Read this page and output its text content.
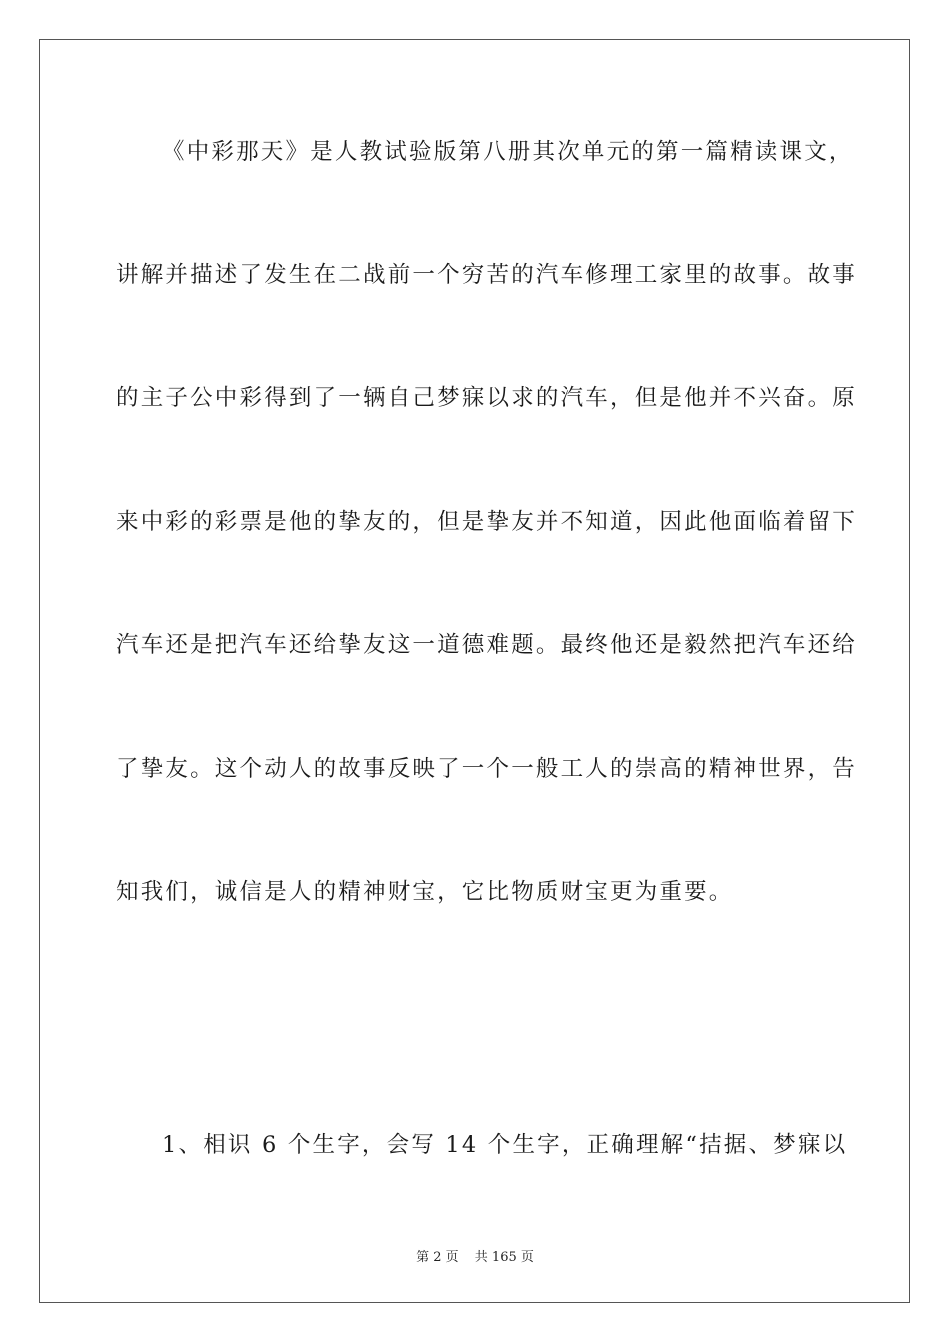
《中彩那天》是人教试验版第八册其次单元的第一篇精读课文，
讲解并描述了发生在二战前一个穷苦的汽车修理工家里的故事。故事
的主子公中彩得到了一辆自己梦寐以求的汽车，但是他并不兴奋。原
来中彩的彩票是他的挚友的，但是挚友并不知道，因此他面临着留下
汽车还是把汽车还给挚友这一道德难题。最终他还是毅然把汽车还给
了挚友。这个动人的故事反映了一个一般工人的崇高的精神世界，告
知我们，诚信是人的精神财宝，它比物质财宝更为重要。
1、相识 6 个生字，会写 14 个生字，正确理解“拮据、梦寐以
第 2 页 共 165 页
